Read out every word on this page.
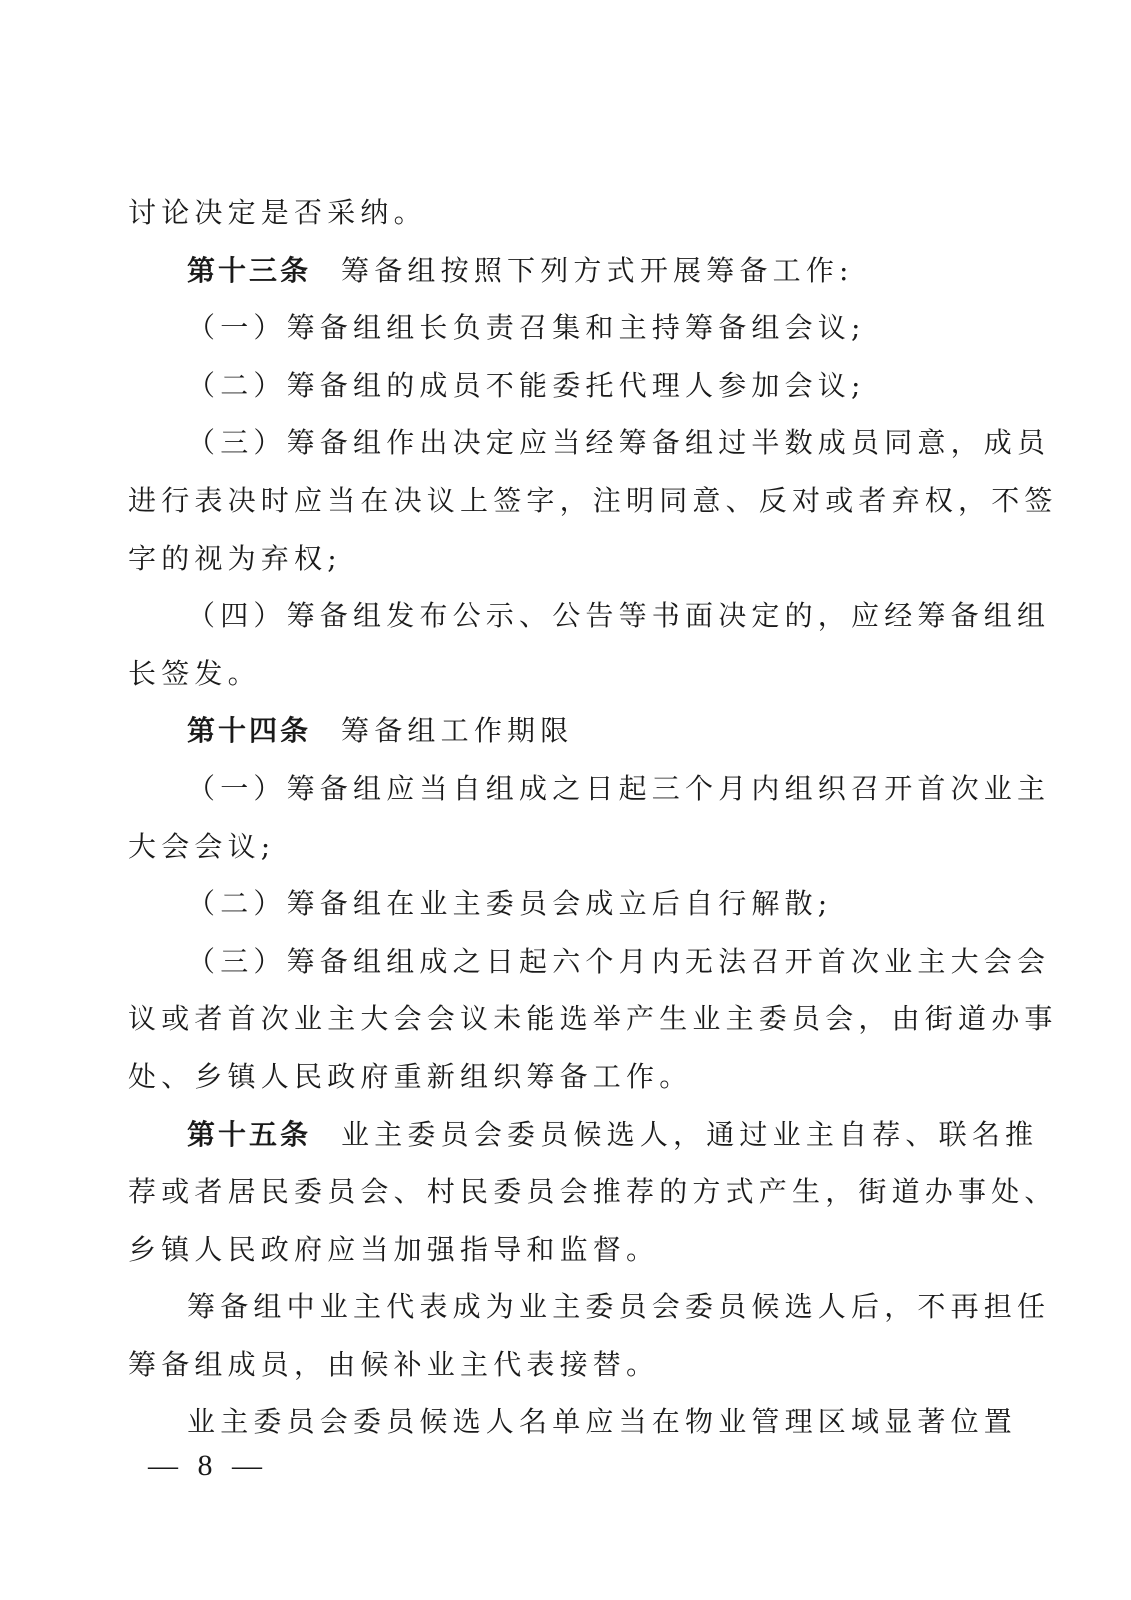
讨论决定是否采纳。
第十三条 筹备组按照下列方式开展筹备工作:
（一）筹备组组长负责召集和主持筹备组会议;
（二）筹备组的成员不能委托代理人参加会议;
（三）筹备组作出决定应当经筹备组过半数成员同意，成员
进行表决时应当在决议上签字，注明同意、反对或者弃权，不签
字的视为弃权;
（四）筹备组发布公示、公告等书面决定的，应经筹备组组
长签发。
第十四条 筹备组工作期限
（一）筹备组应当自组成之日起三个月内组织召开首次业主
大会会议;
（二）筹备组在业主委员会成立后自行解散;
（三）筹备组组成之日起六个月内无法召开首次业主大会会
议或者首次业主大会会议未能选举产生业主委员会，由街道办事
处、乡镇人民政府重新组织筹备工作。
第十五条 业主委员会委员候选人，通过业主自荐、联名推
荐或者居民委员会、村民委员会推荐的方式产生，街道办事处、
乡镇人民政府应当加强指导和监督。
筹备组中业主代表成为业主委员会委员候选人后，不再担任
筹备组成员，由候补业主代表接替。
业主委员会委员候选人名单应当在物业管理区域显著位置
— 8 —
